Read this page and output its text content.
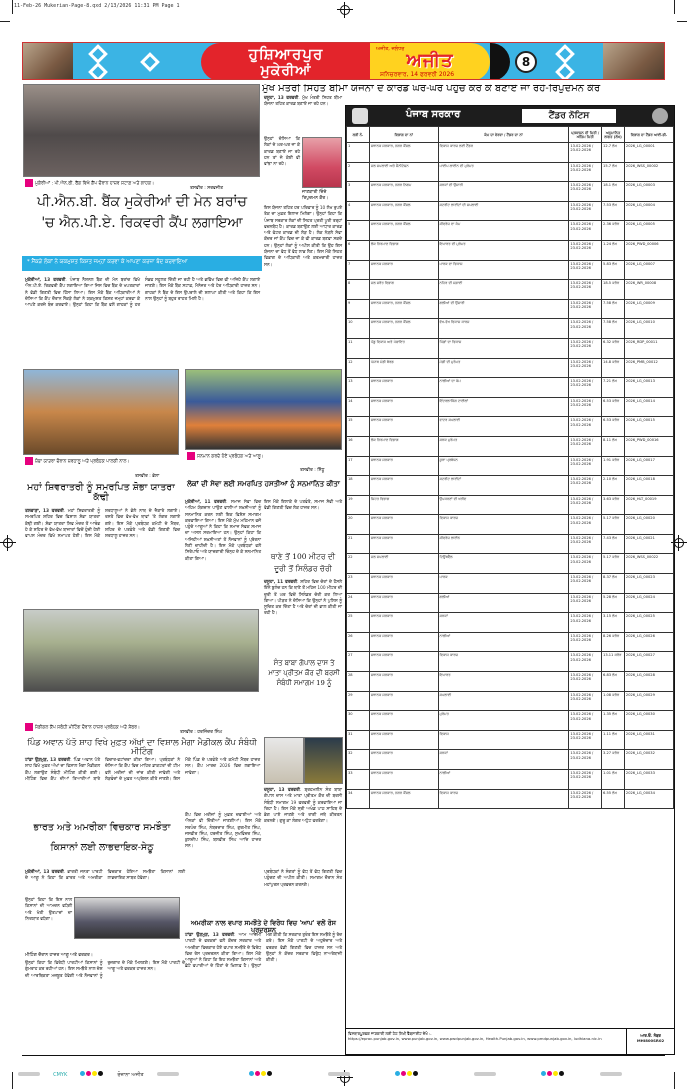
11-Feb-26 Mukerian-Page-8.qxd 2/13/2026 11:31 PM Page 1
ਹੁਸ਼ਿਆਰਪੁਰ
ਮੁਕੇਰੀਆਂ
ਅਜੀਤ, ਜਲੰਧਰ
ਅਜੀਤ
ਸ਼ਨਿਚਰਵਾਰ, 14 ਫਰਵਰੀ 2026
8
ਮੁੱਖ ਮੰਤਰੀ ਸਿਹਤ ਬੀਮਾ ਯੋਜਨਾ ਦੇ ਕਾਰਡ ਘਰ-ਘਰ ਪਹੁੰਚ ਕਰ ਕੇ ਬਣਾਏ ਜਾ ਰਹੇ-ਰਿਪੁਦਮਨ ਕੌਰ
ਮੁਕੇਰੀਆਂ : ਪੀ.ਐਨ.ਬੀ. ਬੈਂਕ ਵਿਖੇ ਕੈਂਪ ਦੌਰਾਨ ਹਾਜ਼ਰ ਸਟਾਫ਼ ਅਤੇ ਗਾਹਕ।
ਤਸਵੀਰ : ਸਰਵਜੀਤ
ਪੀ.ਐਨ.ਬੀ. ਬੈਂਕ ਮੁਕੇਰੀਆਂ ਦੀ ਮੇਨ ਬਰਾਂਚ
'ਚ ਐਨ.ਪੀ.ਏ. ਰਿਕਵਰੀ ਕੈਂਪ ਲਗਾਇਆ
* ਸੈਂਕੜੇ ਲੋਕਾਂ ਨੇ ਯਕਮੁਸ਼ਤ ਕਿਸ਼ਤ ਜਮ੍ਹਾਂ ਕਰਵਾ ਕੇ ਆਪਣਾ ਕਰਜ਼ਾ ਬੰਦ ਕਰਵਾਇਆ
ਮੁਕੇਰੀਆਂ, 13 ਫਰਵਰੀ. ਪੰਜਾਬ ਨੈਸ਼ਨਲ ਬੈਂਕ ਦੀ ਮੇਨ ਬਰਾਂਚ ਵਿਖੇ ਐਨ.ਪੀ.ਏ. ਰਿਕਵਰੀ ਕੈਂਪ ਲਗਾਇਆ ਗਿਆ ਜਿਸ ਵਿਚ ਬੈਂਕ ਦੇ ਖਪਤਕਾਰਾਂ ਨੇ ਵੱਡੀ ਗਿਣਤੀ ਵਿਚ ਹਿੱਸਾ ਲਿਆ। ਇਸ ਮੌਕੇ ਬੈਂਕ ਅਧਿਕਾਰੀਆਂ ਨੇ ਦੱਸਿਆ ਕਿ ਕੈਂਪ ਦੌਰਾਨ ਸੈਂਕੜੇ ਲੋਕਾਂ ਨੇ ਯਕਮੁਸ਼ਤ ਕਿਸ਼ਤ ਜਮ੍ਹਾਂ ਕਰਵਾ ਕੇ ਆਪਣੇ ਕਰਜ਼ੇ ਬੰਦ ਕਰਵਾਏ। ਉਨ੍ਹਾਂ ਕਿਹਾ ਕਿ ਬੈਂਕ ਵਲੋਂ ਗਾਹਕਾਂ ਨੂੰ ਹਰ ਸੰਭਵ ਸਹੂਲਤ ਦਿੱਤੀ ਜਾ ਰਹੀ ਹੈ ਅਤੇ ਭਵਿੱਖ ਵਿਚ ਵੀ ਅਜਿਹੇ ਕੈਂਪ ਲਗਾਏ ਜਾਣਗੇ। ਇਸ ਮੌਕੇ ਬੈਂਕ ਸਟਾਫ਼, ਮੈਨੇਜਰ ਅਤੇ ਹੋਰ ਅਧਿਕਾਰੀ ਹਾਜ਼ਰ ਸਨ। ਗਾਹਕਾਂ ਨੇ ਬੈਂਕ ਦੇ ਇਸ ਉਪਰਾਲੇ ਦੀ ਸ਼ਲਾਘਾ ਕੀਤੀ ਅਤੇ ਕਿਹਾ ਕਿ ਇਸ ਨਾਲ ਉਨ੍ਹਾਂ ਨੂੰ ਬਹੁਤ ਰਾਹਤ ਮਿਲੀ ਹੈ।
ਦਸੂਹਾ, 13 ਫਰਵਰੀ. ਮੁੱਖ ਮੰਤਰੀ ਸਿਹਤ ਬੀਮਾ ਯੋਜਨਾ ਤਹਿਤ ਕਾਰਡ ਬਣਾਏ ਜਾ ਰਹੇ ਹਨ।
ਉਨ੍ਹਾਂ ਦੱਸਿਆ ਕਿ ਲੋਕਾਂ ਦੇ ਘਰ-ਘਰ ਜਾ ਕੇ ਕਾਰਡ ਬਣਾਏ ਜਾ ਰਹੇ ਹਨ ਤਾਂ ਜੋ ਕੋਈ ਵੀ ਵਾਂਝਾ ਨਾ ਰਹੇ।
ਜਾਣਕਾਰੀ ਦਿੰਦੇ ਰਿਪੁਦਮਨ ਕੌਰ।
ਇਸ ਯੋਜਨਾ ਤਹਿਤ ਹਰ ਪਰਿਵਾਰ ਨੂੰ 10 ਲੱਖ ਰੁਪਏ ਤੱਕ ਦਾ ਮੁਫ਼ਤ ਇਲਾਜ ਮਿਲੇਗਾ। ਉਨ੍ਹਾਂ ਕਿਹਾ ਕਿ ਪੰਜਾਬ ਸਰਕਾਰ ਲੋਕਾਂ ਦੀ ਸਿਹਤ ਪ੍ਰਤੀ ਪੂਰੀ ਤਰ੍ਹਾਂ ਵਚਨਬੱਧ ਹੈ। ਕਾਰਡ ਬਣਾਉਣ ਲਈ ਆਧਾਰ ਕਾਰਡ ਅਤੇ ਵੋਟਰ ਕਾਰਡ ਦੀ ਲੋੜ ਹੈ। ਲੋਕ ਨੇੜਲੇ ਸੇਵਾ ਕੇਂਦਰ ਜਾਂ ਕੈਂਪ ਵਿਚ ਜਾ ਕੇ ਵੀ ਕਾਰਡ ਬਣਵਾ ਸਕਦੇ ਹਨ। ਉਨ੍ਹਾਂ ਲੋਕਾਂ ਨੂੰ ਅਪੀਲ ਕੀਤੀ ਕਿ ਉਹ ਇਸ ਯੋਜਨਾ ਦਾ ਵੱਧ ਤੋਂ ਵੱਧ ਲਾਭ ਲੈਣ। ਇਸ ਮੌਕੇ ਸਿਹਤ ਵਿਭਾਗ ਦੇ ਅਧਿਕਾਰੀ ਅਤੇ ਕਰਮਚਾਰੀ ਹਾਜ਼ਰ ਸਨ।
ਸ਼ੋਭਾ ਯਾਤਰਾ ਦੌਰਾਨ ਸ਼ਰਧਾਲੂ ਅਤੇ ਪ੍ਰਬੰਧਕ ਪਾਲਕੀ ਨਾਲ।
ਤਸਵੀਰ : ਭੋਲਾ
ਮਹਾਂ ਸ਼ਿਵਰਾਤਰੀ ਨੂੰ ਸਮਰਪਿਤ ਸ਼ੋਭਾ ਯਾਤਰਾ ਕੱਢੀ
ਤਲਵਾੜਾ, 13 ਫਰਵਰੀ. ਮਹਾਂ ਸ਼ਿਵਰਾਤਰੀ ਨੂੰ ਸਮਰਪਿਤ ਸ਼ਹਿਰ ਵਿਚ ਵਿਸ਼ਾਲ ਸ਼ੋਭਾ ਯਾਤਰਾ ਕੱਢੀ ਗਈ। ਸ਼ੋਭਾ ਯਾਤਰਾ ਸ਼ਿਵ ਮੰਦਰ ਤੋਂ ਆਰੰਭ ਹੋ ਕੇ ਸ਼ਹਿਰ ਦੇ ਵੱਖ-ਵੱਖ ਬਾਜ਼ਾਰਾਂ ਵਿਚੋਂ ਹੁੰਦੀ ਹੋਈ ਵਾਪਸ ਮੰਦਰ ਵਿਖੇ ਸਮਾਪਤ ਹੋਈ। ਇਸ ਮੌਕੇ ਸ਼ਰਧਾਲੂਆਂ ਨੇ ਭੋਲੇ ਨਾਥ ਦੇ ਜੈਕਾਰੇ ਲਗਾਏ। ਰਸਤੇ ਵਿਚ ਵੱਖ-ਵੱਖ ਥਾਵਾਂ 'ਤੇ ਲੰਗਰ ਲਗਾਏ ਗਏ। ਇਸ ਮੌਕੇ ਪ੍ਰਬੰਧਕ ਕਮੇਟੀ ਦੇ ਮੈਂਬਰ, ਸ਼ਹਿਰ ਦੇ ਪਤਵੰਤੇ ਅਤੇ ਵੱਡੀ ਗਿਣਤੀ ਵਿਚ ਸ਼ਰਧਾਲੂ ਹਾਜ਼ਰ ਸਨ।
ਸਨਮਾਨ ਕਰਦੇ ਹੋਏ ਪ੍ਰਬੰਧਕ ਅਤੇ ਆਗੂ।
ਤਸਵੀਰ : ਸਿੱਧੂ
ਲੋਕਾਂ ਦੀ ਸੇਵਾ ਲਈ ਸਮਰਪਿਤ ਹਸਤੀਆਂ ਨੂੰ ਸਨਮਾਨਿਤ ਕੀਤਾ
ਮੁਕੇਰੀਆਂ, 11 ਫਰਵਰੀ. ਸਮਾਜ ਸੇਵਾ ਵਿਚ ਅਹਿਮ ਯੋਗਦਾਨ ਪਾਉਣ ਵਾਲੀਆਂ ਸ਼ਖ਼ਸੀਅਤਾਂ ਨੂੰ ਸਨਮਾਨਿਤ ਕਰਨ ਲਈ ਇਕ ਵਿਸ਼ੇਸ਼ ਸਮਾਗਮ ਕਰਵਾਇਆ ਗਿਆ। ਇਸ ਮੌਕੇ ਮੁੱਖ ਮਹਿਮਾਨ ਵਜੋਂ ਪਹੁੰਚੇ ਆਗੂਆਂ ਨੇ ਕਿਹਾ ਕਿ ਸਮਾਜ ਸੇਵਕ ਸਮਾਜ ਦਾ ਅਸਲ ਸਰਮਾਇਆ ਹਨ। ਉਨ੍ਹਾਂ ਕਿਹਾ ਕਿ ਅਜਿਹੀਆਂ ਸ਼ਖ਼ਸੀਅਤਾਂ ਤੋਂ ਨੌਜਵਾਨਾਂ ਨੂੰ ਪ੍ਰੇਰਨਾ ਲੈਣੀ ਚਾਹੀਦੀ ਹੈ। ਇਸ ਮੌਕੇ ਪ੍ਰਬੰਧਕਾਂ ਵਲੋਂ ਸਿਰੋਪਾਓ ਅਤੇ ਯਾਦਗਾਰੀ ਚਿੰਨ੍ਹ ਦੇ ਕੇ ਸਨਮਾਨਿਤ ਕੀਤਾ ਗਿਆ।
ਇਸ ਮੌਕੇ ਇਲਾਕੇ ਦੇ ਪਤਵੰਤੇ, ਸਮਾਜ ਸੇਵੀ ਅਤੇ ਵੱਡੀ ਗਿਣਤੀ ਵਿਚ ਲੋਕ ਹਾਜ਼ਰ ਸਨ।
ਥਾਣੇ ਤੋਂ 100 ਮੀਟਰ ਦੀ
ਦੂਰੀ ਤੋਂ ਸਿਲੰਡਰ ਚੋਰੀ
ਦਸੂਹਾ, 11 ਫਰਵਰੀ. ਸ਼ਹਿਰ ਵਿਚ ਚੋਰਾਂ ਦੇ ਹੌਸਲੇ ਇੰਨੇ ਬੁਲੰਦ ਹਨ ਕਿ ਥਾਣੇ ਤੋਂ ਮਹਿਜ਼ 100 ਮੀਟਰ ਦੀ ਦੂਰੀ ਤੋਂ ਘਰ ਵਿਚੋਂ ਸਿਲੰਡਰ ਚੋਰੀ ਕਰ ਲਿਆ ਗਿਆ। ਪੀੜਤ ਨੇ ਦੱਸਿਆ ਕਿ ਉਨ੍ਹਾਂ ਨੇ ਪੁਲਿਸ ਨੂੰ ਸੂਚਿਤ ਕਰ ਦਿੱਤਾ ਹੈ ਅਤੇ ਚੋਰਾਂ ਦੀ ਭਾਲ ਕੀਤੀ ਜਾ ਰਹੀ ਹੈ।
ਸੰਤ ਬਾਬਾ ਗੋਪਾਲ ਦਾਸ ਤੇ
ਮਾਤਾ ਪ੍ਰੀਤਮ ਕੌਰ ਦੀ ਬਰਸੀ
ਸੰਬੰਧੀ ਸਮਾਗਮ 19 ਨੂੰ
ਮੈਡੀਕਲ ਕੈਂਪ ਸਬੰਧੀ ਮੀਟਿੰਗ ਦੌਰਾਨ ਹਾਜ਼ਰ ਪ੍ਰਬੰਧਕ ਅਤੇ ਮੈਂਬਰ।
ਤਸਵੀਰ : ਹਰਜਿੰਦਰ ਸਿੰਘ
ਪਿੰਡ ਅਵਾਨ ਪੱਤੋ ਸ਼ਾਹ ਵਿਖੇ ਮੁਫ਼ਤ ਅੱਖਾਂ ਦਾ ਵਿਸ਼ਾਲ ਮੈਗਾ ਮੈਡੀਕਲ ਕੈਂਪ ਸੰਬੰਧੀ ਮੀਟਿੰਗ
ਟਾਂਡਾ ਉੜਮੁੜ, 13 ਫਰਵਰੀ. ਪਿੰਡ ਅਵਾਨ ਪੱਤੋ ਸ਼ਾਹ ਵਿਖੇ ਮੁਫ਼ਤ ਅੱਖਾਂ ਦਾ ਵਿਸ਼ਾਲ ਮੈਗਾ ਮੈਡੀਕਲ ਕੈਂਪ ਲਗਾਉਣ ਸੰਬੰਧੀ ਮੀਟਿੰਗ ਕੀਤੀ ਗਈ। ਮੀਟਿੰਗ ਵਿਚ ਕੈਂਪ ਦੀਆਂ ਤਿਆਰੀਆਂ ਬਾਰੇ ਵਿਚਾਰ-ਵਟਾਂਦਰਾ ਕੀਤਾ ਗਿਆ। ਪ੍ਰਬੰਧਕਾਂ ਨੇ ਦੱਸਿਆ ਕਿ ਕੈਂਪ ਵਿਚ ਮਾਹਿਰ ਡਾਕਟਰਾਂ ਦੀ ਟੀਮ ਵਲੋਂ ਮਰੀਜ਼ਾਂ ਦੀ ਜਾਂਚ ਕੀਤੀ ਜਾਵੇਗੀ ਅਤੇ ਲੋੜਵੰਦਾਂ ਦੇ ਮੁਫ਼ਤ ਅਪ੍ਰੇਸ਼ਨ ਕੀਤੇ ਜਾਣਗੇ। ਇਸ ਮੌਕੇ ਪਿੰਡ ਦੇ ਪਤਵੰਤੇ ਅਤੇ ਕਮੇਟੀ ਮੈਂਬਰ ਹਾਜ਼ਰ ਸਨ। ਕੈਂਪ ਮਾਰਚ 2026 ਵਿਚ ਲਗਾਇਆ ਜਾਵੇਗਾ।
ਦਸੂਹਾ, 13 ਫਰਵਰੀ. ਬ੍ਰਹਮਲੀਨ ਸੰਤ ਬਾਬਾ ਗੋਪਾਲ ਦਾਸ ਅਤੇ ਮਾਤਾ ਪ੍ਰੀਤਮ ਕੌਰ ਦੀ ਬਰਸੀ ਸੰਬੰਧੀ ਸਮਾਗਮ 19 ਫਰਵਰੀ ਨੂੰ ਕਰਵਾਇਆ ਜਾ ਰਿਹਾ ਹੈ। ਇਸ ਮੌਕੇ ਸ੍ਰੀ ਅਖੰਡ ਪਾਠ ਸਾਹਿਬ ਦੇ ਭੋਗ ਪਾਏ ਜਾਣਗੇ ਅਤੇ ਰਾਗੀ ਜਥੇ ਕੀਰਤਨ ਕਰਨਗੇ। ਗੁਰੂ ਕਾ ਲੰਗਰ ਅਟੁੱਟ ਵਰਤੇਗਾ।
ਭਾਰਤ ਅਤੇ ਅਮਰੀਕਾ ਵਿਚਕਾਰ ਸਮਝੌਤਾ
ਕਿਸਾਨਾਂ ਲਈ ਲਾਭਦਾਇਕ-ਸੇਠੂ
ਮੁਕੇਰੀਆਂ, 13 ਫਰਵਰੀ. ਭਾਰਤੀ ਜਨਤਾ ਪਾਰਟੀ ਦੇ ਆਗੂ ਨੇ ਕਿਹਾ ਕਿ ਭਾਰਤ ਅਤੇ ਅਮਰੀਕਾ ਵਿਚਕਾਰ ਹੋਇਆ ਸਮਝੌਤਾ ਕਿਸਾਨਾਂ ਲਈ ਲਾਭਦਾਇਕ ਸਾਬਤ ਹੋਵੇਗਾ।
ਉਨ੍ਹਾਂ ਕਿਹਾ ਕਿ ਇਸ ਨਾਲ ਕਿਸਾਨਾਂ ਦੀ ਆਮਦਨ ਵਧੇਗੀ ਅਤੇ ਖੇਤੀ ਉਤਪਾਦਾਂ ਦਾ ਨਿਰਯਾਤ ਵਧੇਗਾ।
ਮੀਟਿੰਗ ਦੌਰਾਨ ਹਾਜ਼ਰ ਆਗੂ ਅਤੇ ਵਰਕਰ।
ਉਨ੍ਹਾਂ ਕਿਹਾ ਕਿ ਵਿਰੋਧੀ ਪਾਰਟੀਆਂ ਕਿਸਾਨਾਂ ਨੂੰ ਗੁੰਮਰਾਹ ਕਰ ਰਹੀਆਂ ਹਨ। ਇਸ ਸਮਝੌਤੇ ਨਾਲ ਦੇਸ਼ ਦੀ ਆਰਥਿਕਤਾ ਮਜ਼ਬੂਤ ਹੋਵੇਗੀ ਅਤੇ ਨੌਜਵਾਨਾਂ ਨੂੰ ਰੁਜ਼ਗਾਰ ਦੇ ਮੌਕੇ ਮਿਲਣਗੇ। ਇਸ ਮੌਕੇ ਪਾਰਟੀ ਦੇ ਆਗੂ ਅਤੇ ਵਰਕਰ ਹਾਜ਼ਰ ਸਨ।
ਕੈਂਪ ਵਿਚ ਮਰੀਜ਼ਾਂ ਨੂੰ ਮੁਫ਼ਤ ਦਵਾਈਆਂ ਅਤੇ ਐਨਕਾਂ ਵੀ ਦਿੱਤੀਆਂ ਜਾਣਗੀਆਂ। ਇਸ ਮੌਕੇ ਸਰਪੰਚ ਸਿੰਘ, ਨੰਬਰਦਾਰ ਸਿੰਘ, ਗੁਰਮੀਤ ਸਿੰਘ, ਜਸਵੀਰ ਸਿੰਘ, ਹਰਜੀਤ ਸਿੰਘ, ਸੁਖਵਿੰਦਰ ਸਿੰਘ, ਕੁਲਦੀਪ ਸਿੰਘ, ਬਲਵੀਰ ਸਿੰਘ ਆਦਿ ਹਾਜ਼ਰ ਸਨ।
ਪ੍ਰਬੰਧਕਾਂ ਨੇ ਸੰਗਤਾਂ ਨੂੰ ਵੱਧ ਤੋਂ ਵੱਧ ਗਿਣਤੀ ਵਿਚ ਪਹੁੰਚਣ ਦੀ ਅਪੀਲ ਕੀਤੀ। ਸਮਾਗਮ ਦੌਰਾਨ ਸੰਤ ਮਹਾਂਪੁਰਸ਼ ਪ੍ਰਵਚਨ ਕਰਨਗੇ।
ਅਮਰੀਕਾ ਨਾਲ ਵਪਾਰ ਸਮਝੌਤੇ ਦੇ ਵਿਰੋਧ ਵਿਚ 'ਆਪ' ਵਲੋਂ ਰੋਸ ਪ੍ਰਦਰਸ਼ਨ
ਟਾਂਡਾ ਉੜਮੁੜ, 13 ਫਰਵਰੀ. ਆਮ ਆਦਮੀ ਪਾਰਟੀ ਦੇ ਵਰਕਰਾਂ ਵਲੋਂ ਕੇਂਦਰ ਸਰਕਾਰ ਅਤੇ ਅਮਰੀਕਾ ਵਿਚਕਾਰ ਹੋਏ ਵਪਾਰ ਸਮਝੌਤੇ ਦੇ ਵਿਰੋਧ ਵਿਚ ਰੋਸ ਪ੍ਰਦਰਸ਼ਨ ਕੀਤਾ ਗਿਆ। ਇਸ ਮੌਕੇ ਆਗੂਆਂ ਨੇ ਕਿਹਾ ਕਿ ਇਹ ਸਮਝੌਤਾ ਕਿਸਾਨਾਂ ਅਤੇ ਛੋਟੇ ਵਪਾਰੀਆਂ ਦੇ ਹਿੱਤਾਂ ਦੇ ਖ਼ਿਲਾਫ਼ ਹੈ। ਉਨ੍ਹਾਂ ਮੰਗ ਕੀਤੀ ਕਿ ਸਰਕਾਰ ਤੁਰੰਤ ਇਸ ਸਮਝੌਤੇ ਨੂੰ ਰੱਦ ਕਰੇ। ਇਸ ਮੌਕੇ ਪਾਰਟੀ ਦੇ ਅਹੁਦੇਦਾਰ ਅਤੇ ਵਰਕਰ ਵੱਡੀ ਗਿਣਤੀ ਵਿਚ ਹਾਜ਼ਰ ਸਨ ਅਤੇ ਉਨ੍ਹਾਂ ਨੇ ਕੇਂਦਰ ਸਰਕਾਰ ਵਿਰੁੱਧ ਨਾਅਰੇਬਾਜ਼ੀ ਕੀਤੀ।
ਪੰਜਾਬ ਸਰਕਾਰ	ਟੈਂਡਰ ਨੋਟਿਸ
ਲੜੀ ਨੰ.	ਵਿਭਾਗ ਦਾ ਨਾਂ	ਕੰਮ ਦਾ ਵੇਰਵਾ / ਟੈਂਡਰ ਦਾ ਨਾਂ	ਪ੍ਰਕਾਸ਼ਨ ਦੀ ਮਿਤੀ / ਅੰਤਿਮ ਮਿਤੀ	ਅਨੁਮਾਨਿਤ ਲਾਗਤ (ਲੱਖ)	ਵਿਭਾਗ ਦਾ ਟੈਂਡਰ ਆਈ.ਡੀ.
1	ਸਥਾਨਕ ਸਰਕਾਰ, ਨਗਰ ਕੌਂਸਲ	ਵਿਕਾਸ ਕਾਰਜ ਲਈ ਟੈਂਡਰ	13.02.2026 / 23.02.2026	12.7 ਲੱਖ	2026_LG_00001
2	ਜਲ ਸਪਲਾਈ ਅਤੇ ਸੈਨੀਟੇਸ਼ਨ	ਪਾਈਪ ਲਾਈਨ ਦੀ ਮੁਰੰਮਤ	13.02.2026 / 23.02.2026	15.7 ਲੱਖ	2026_WSS_00002
3	ਸਥਾਨਕ ਸਰਕਾਰ, ਨਗਰ ਨਿਗਮ	ਸੜਕਾਂ ਦੀ ਉਸਾਰੀ	13.02.2026 / 23.02.2026	18.1 ਲੱਖ	2026_LG_00003
4	ਸਥਾਨਕ ਸਰਕਾਰ, ਨਗਰ ਕੌਂਸਲ	ਸਟਰੀਟ ਲਾਈਟਾਂ ਦੀ ਸਪਲਾਈ	13.02.2026 / 23.02.2026	7.53 ਲੱਖ	2026_LG_00004
5	ਸਥਾਨਕ ਸਰਕਾਰ, ਨਗਰ ਕੌਂਸਲ	ਸੀਵਰੇਜ ਦਾ ਕੰਮ	13.02.2026 / 23.02.2026	2.36 ਕਰੋੜ	2026_LG_00005
6	ਲੋਕ ਨਿਰਮਾਣ ਵਿਭਾਗ	ਇਮਾਰਤ ਦੀ ਮੁਰੰਮਤ	13.02.2026 / 23.02.2026	1.24 ਲੱਖ	2026_PWD_00006
7	ਸਥਾਨਕ ਸਰਕਾਰ	ਪਾਰਕ ਦਾ ਵਿਕਾਸ	13.02.2026 / 23.02.2026	5.83 ਲੱਖ	2026_LG_00007
8	ਜਲ ਸਰੋਤ ਵਿਭਾਗ	ਨਹਿਰ ਦੀ ਸਫ਼ਾਈ	13.02.2026 / 23.02.2026	18.5 ਕਰੋੜ	2026_WR_00008
9	ਸਥਾਨਕ ਸਰਕਾਰ, ਨਗਰ ਕੌਂਸਲ	ਗਲੀਆਂ ਦੀ ਉਸਾਰੀ	13.02.2026 / 23.02.2026	7.58 ਲੱਖ	2026_LG_00009
10	ਸਥਾਨਕ ਸਰਕਾਰ, ਨਗਰ ਕੌਂਸਲ	ਵੱਖ-ਵੱਖ ਵਿਕਾਸ ਕਾਰਜ	13.02.2026 / 23.02.2026	7.58 ਲੱਖ	2026_LG_00010
11	ਪੇਂਡੂ ਵਿਕਾਸ ਅਤੇ ਪੰਚਾਇਤ	ਪਿੰਡਾਂ ਦਾ ਵਿਕਾਸ	13.02.2026 / 23.02.2026	6.32 ਕਰੋੜ	2026_RDP_00011
12	ਪੰਜਾਬ ਮੰਡੀ ਬੋਰਡ	ਮੰਡੀ ਦੀ ਮੁਰੰਮਤ	13.02.2026 / 23.02.2026	14.8 ਕਰੋੜ	2026_PMB_00012
13	ਸਥਾਨਕ ਸਰਕਾਰ	ਨਾਲੀਆਂ ਦਾ ਕੰਮ	13.02.2026 / 23.02.2026	7.21 ਲੱਖ	2026_LG_00013
14	ਸਥਾਨਕ ਸਰਕਾਰ	ਇੰਟਰਲਾਕਿੰਗ ਟਾਈਲਾਂ	13.02.2026 / 23.02.2026	6.53 ਕਰੋੜ	2026_LG_00014
15	ਸਥਾਨਕ ਸਰਕਾਰ	ਵਾਟਰ ਸਪਲਾਈ	13.02.2026 / 23.02.2026	6.53 ਕਰੋੜ	2026_LG_00015
16	ਲੋਕ ਨਿਰਮਾਣ ਵਿਭਾਗ	ਸੜਕ ਮੁਰੰਮਤ	13.02.2026 / 23.02.2026	8.11 ਲੱਖ	2026_PWD_00016
17	ਸਥਾਨਕ ਸਰਕਾਰ	ਕੂੜਾ ਪ੍ਰਬੰਧਨ	13.02.2026 / 23.02.2026	1.91 ਕਰੋੜ	2026_LG_00017
18	ਸਥਾਨਕ ਸਰਕਾਰ	ਸਟਰੀਟ ਲਾਈਟਾਂ	13.02.2026 / 23.02.2026	2.10 ਲੱਖ	2026_LG_00018
19	ਸਿਹਤ ਵਿਭਾਗ	ਉਪਕਰਣਾਂ ਦੀ ਖਰੀਦ	13.02.2026 / 23.02.2026	3.63 ਕਰੋੜ	2026_HLT_00019
20	ਸਥਾਨਕ ਸਰਕਾਰ	ਵਿਕਾਸ ਕਾਰਜ	13.02.2026 / 23.02.2026	5.17 ਕਰੋੜ	2026_LG_00020
21	ਸਥਾਨਕ ਸਰਕਾਰ	ਸੀਵਰੇਜ ਲਾਈਨ	13.02.2026 / 23.02.2026	7.43 ਲੱਖ	2026_LG_00021
22	ਜਲ ਸਪਲਾਈ	ਟਿਊਬਵੈੱਲ	13.02.2026 / 23.02.2026	5.17 ਕਰੋੜ	2026_WSS_00022
23	ਸਥਾਨਕ ਸਰਕਾਰ	ਪਾਰਕ	13.02.2026 / 23.02.2026	8.37 ਲੱਖ	2026_LG_00023
24	ਸਥਾਨਕ ਸਰਕਾਰ	ਗਲੀਆਂ	13.02.2026 / 23.02.2026	5.28 ਲੱਖ	2026_LG_00024
25	ਸਥਾਨਕ ਸਰਕਾਰ	ਸੜਕਾਂ	13.02.2026 / 23.02.2026	3.15 ਲੱਖ	2026_LG_00025
26	ਸਥਾਨਕ ਸਰਕਾਰ	ਨਾਲੀਆਂ	13.02.2026 / 23.02.2026	8.26 ਕਰੋੜ	2026_LG_00026
27	ਸਥਾਨਕ ਸਰਕਾਰ	ਵਿਕਾਸ ਕਾਰਜ	13.02.2026 / 23.02.2026	13.11 ਕਰੋੜ	2026_LG_00027
28	ਸਥਾਨਕ ਸਰਕਾਰ	ਇਮਾਰਤ	13.02.2026 / 23.02.2026	6.83 ਲੱਖ	2026_LG_00028
29	ਸਥਾਨਕ ਸਰਕਾਰ	ਸਪਲਾਈ	13.02.2026 / 23.02.2026	1.08 ਕਰੋੜ	2026_LG_00029
30	ਸਥਾਨਕ ਸਰਕਾਰ	ਮੁਰੰਮਤ	13.02.2026 / 23.02.2026	1.35 ਲੱਖ	2026_LG_00030
31	ਸਥਾਨਕ ਸਰਕਾਰ	ਵਿਕਾਸ	13.02.2026 / 23.02.2026	1.11 ਲੱਖ	2026_LG_00031
32	ਸਥਾਨਕ ਸਰਕਾਰ	ਸੜਕਾਂ	13.02.2026 / 23.02.2026	3.27 ਕਰੋੜ	2026_LG_00032
33	ਸਥਾਨਕ ਸਰਕਾਰ	ਨਾਲੀਆਂ	13.02.2026 / 23.02.2026	1.01 ਲੱਖ	2026_LG_00033
34	ਸਥਾਨਕ ਸਰਕਾਰ, ਨਗਰ ਕੌਂਸਲ	ਵਿਕਾਸ ਕਾਰਜ	13.02.2026 / 23.02.2026	6.55 ਲੱਖ	2026_LG_00034
ਵਿਸਥਾਰਪੂਰਵਕ ਜਾਣਕਾਰੀ ਲਈ ਹੇਠ ਲਿਖੀ ਵੈੱਬਸਾਈਟ ਦੇਖੋ :-
https://eproc.punjab.gov.in, www.punjab.gov.in, www.pwdpunjab.gov.in, Health.Punjab.gov.in, www.pmdpunjab.gov.in, ludhiana.nic.in
ਆਰ.ਓ. ਨੰਬਰ
MHI800SR02
CMYK	ਰੋਜ਼ਾਨਾ ਅਜੀਤ
